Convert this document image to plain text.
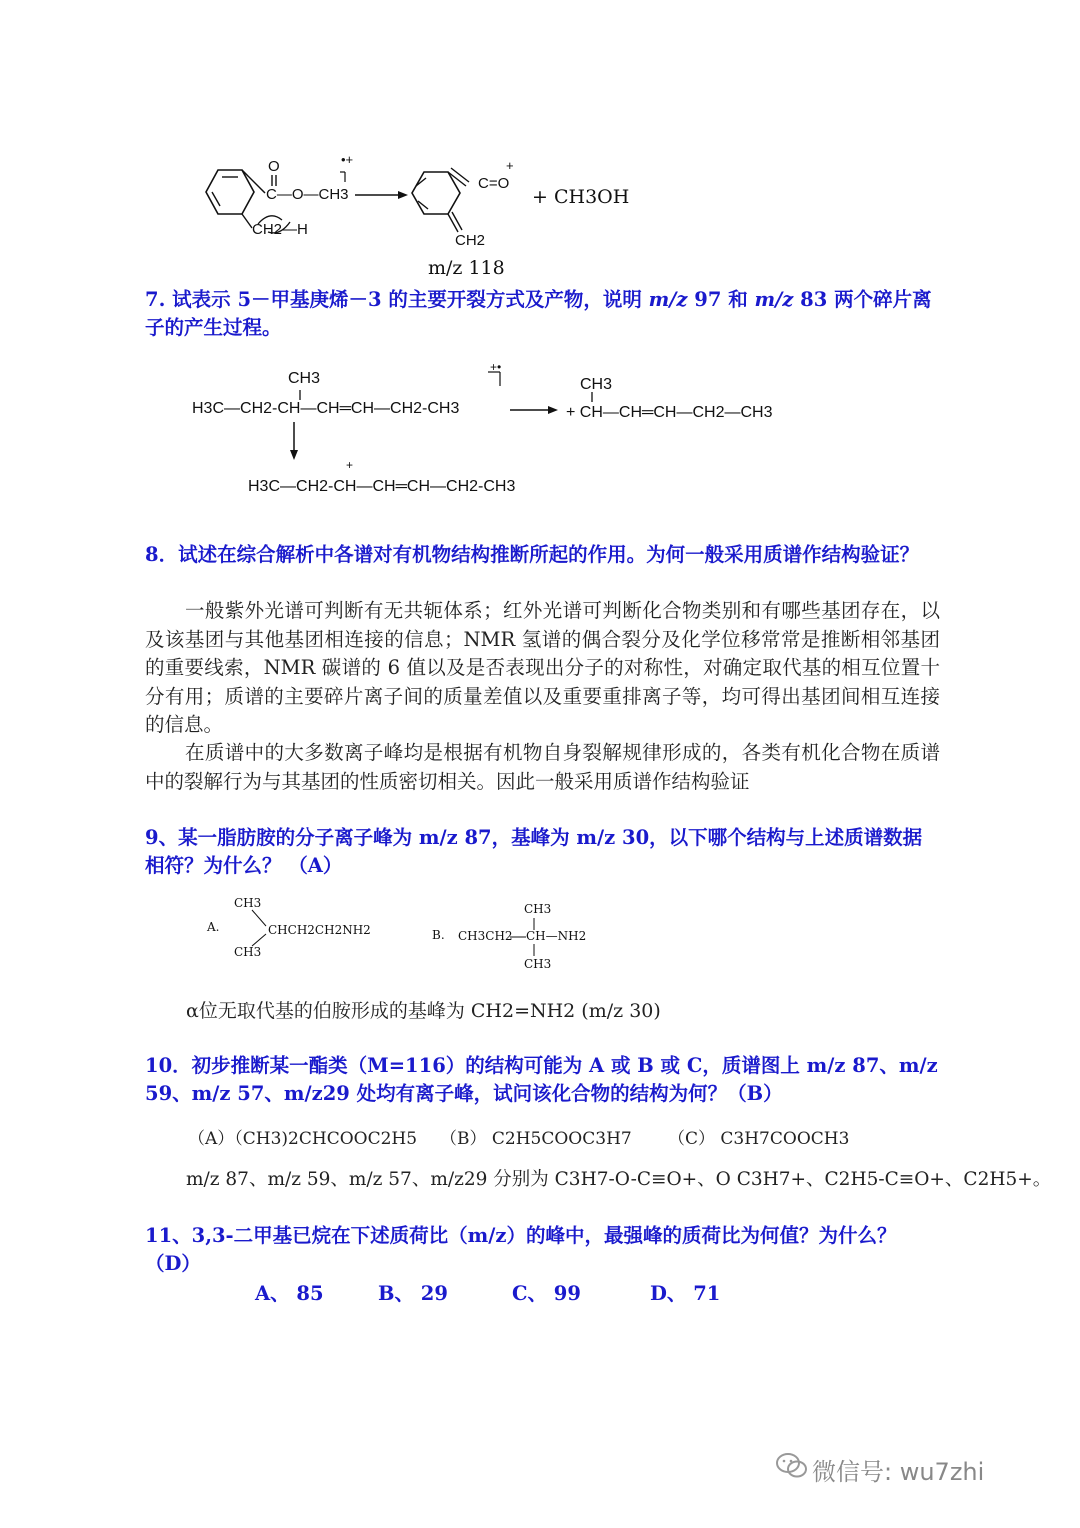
O
C—O—CH3
CH2—H
•+	+
C=O
CH2
+ CH3OH
m/z 118
7. 试表示 5－甲基庚烯－3 的主要开裂方式及产物，说明 m/z 97 和 m/z 83 两个碎片离子的产生过程。
CH3
H3C—CH2-CH—CH═CH—CH2-CH3
+•
CH3
+ CH—CH═CH—CH2—CH3
+
H3C—CH2-CH—CH═CH—CH2-CH3
8．试述在综合解析中各谱对有机物结构推断所起的作用。为何一般采用质谱作结构验证？
一般紫外光谱可判断有无共轭体系；红外光谱可判断化合物类别和有哪些基团存在，以及该基团与其他基团相连接的信息；NMR 氢谱的偶合裂分及化学位移常常是推断相邻基团的重要线索，NMR 碳谱的 6 值以及是否表现出分子的对称性，对确定取代基的相互位置十分有用；质谱的主要碎片离子间的质量差值以及重要重排离子等，均可得出基团间相互连接的信息。
在质谱中的大多数离子峰均是根据有机物自身裂解规律形成的，各类有机化合物在质谱中的裂解行为与其基团的性质密切相关。因此一般采用质谱作结构验证
9、某一脂肪胺的分子离子峰为 m/z 87，基峰为 m/z 30，以下哪个结构与上述质谱数据相符？为什么？ （A）
A.
CH3
CHCH2CH2NH2
CH3
B. CH3CH2 CH—NH2
CH3
CH3
α位无取代基的伯胺形成的基峰为 CH2=NH2 (m/z 30)
10．初步推断某一酯类（M=116）的结构可能为 A 或 B 或 C，质谱图上 m/z 87、m/z 59、m/z 57、m/z29 处均有离子峰，试问该化合物的结构为何？（B）
（A）（CH3)2CHCOOC2H5 （B） C2H5COOC3H7 （C） C3H7COOCH3
m/z 87、m/z 59、m/z 57、m/z29 分别为 C3H7-O-C≡O+、O C3H7+、C2H5-C≡O+、C2H5+。
11、3,3-二甲基已烷在下述质荷比（m/z）的峰中，最强峰的质荷比为何值？为什么？（D）
A、 85	B、 29	C、 99	D、 71
微信号: wu7zhi
